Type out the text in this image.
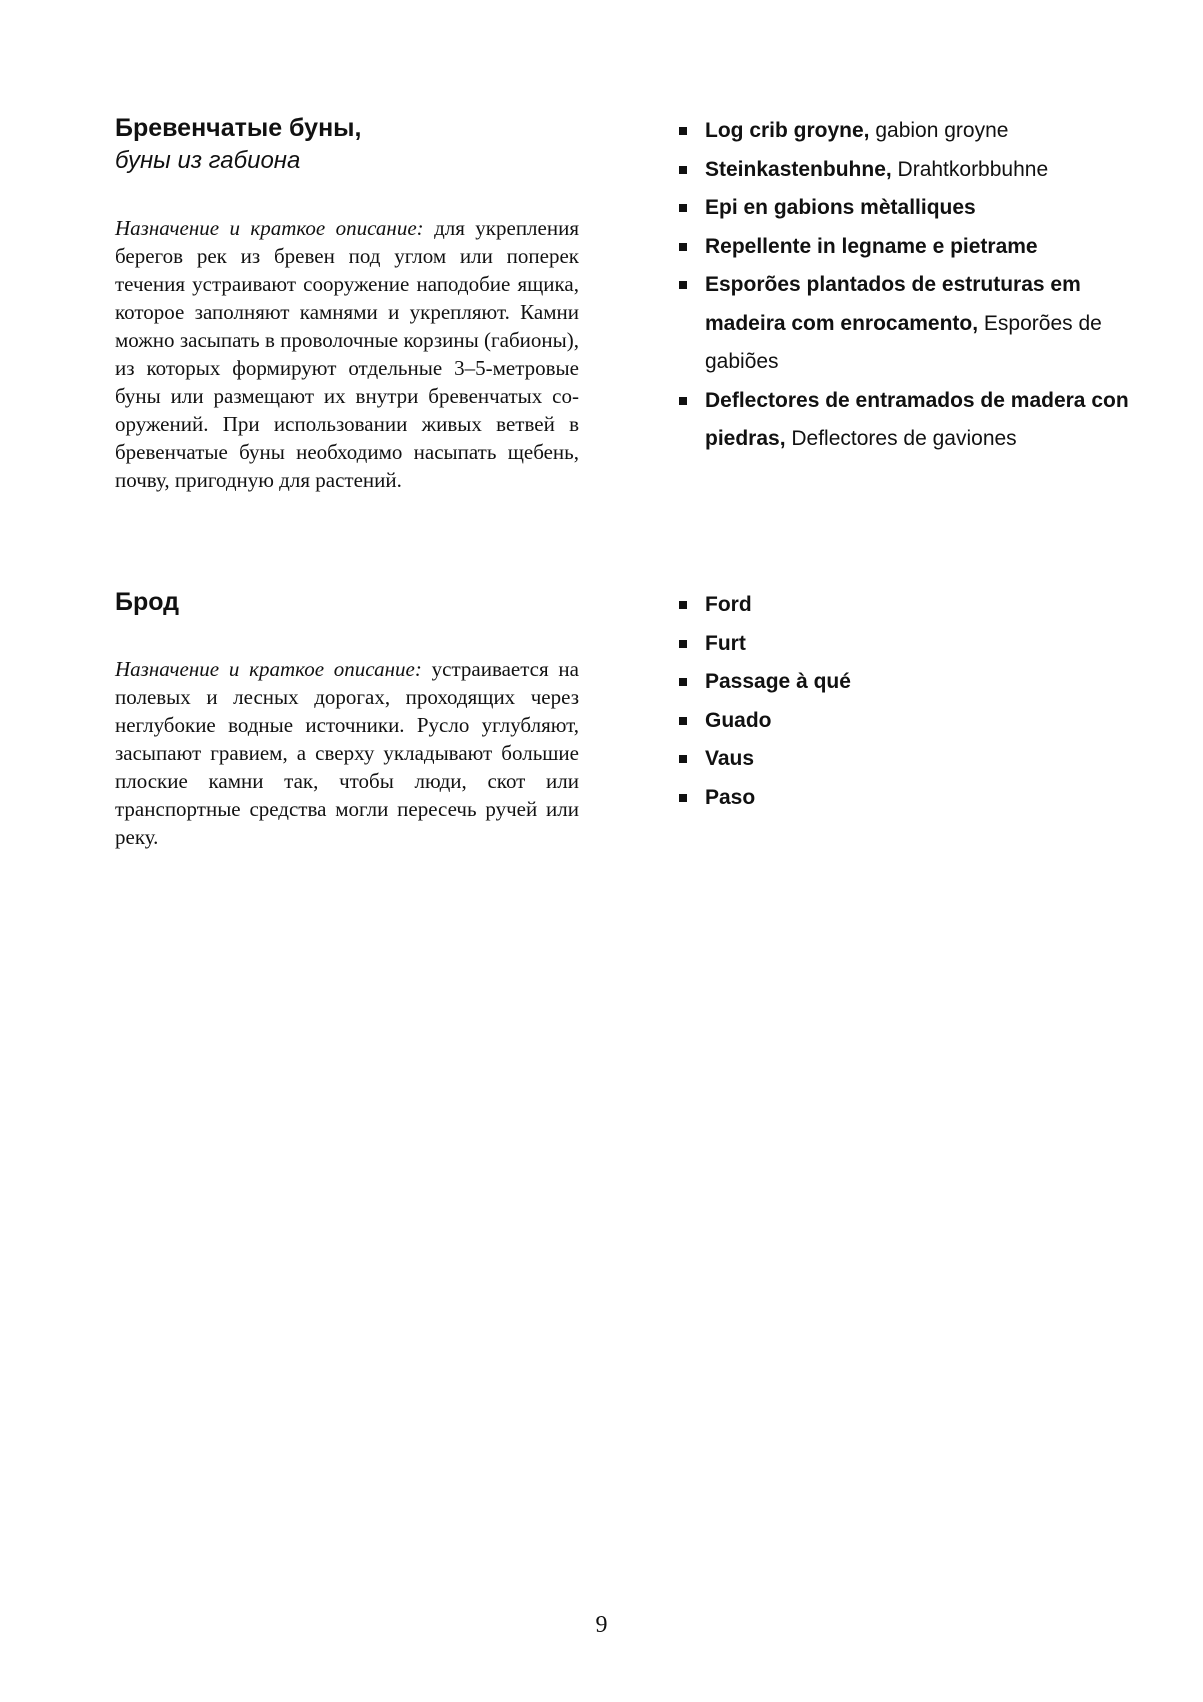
Бревенчатые буны,

буны из габиона

Назначение и краткое описание: для укрепления берегов рек из бревен под углом или поперек течения устраивают сооружение наподобие ящика, которое заполняют камнями и укрепляют. Камни можно засыпать в проволочные корзины (габионы), из которых формируют отдельные 3–5-метровые буны или размещают их внутри бревенчатых сооружений. При использовании живых ветвей в бревенчатые буны необходимо насыпать щебень, почву, пригодную для растений.

Log crib groyne, gabion groyne
Steinkastenbuhne, Drahtkorbbuhne
Epi en gabions mètalliques
Repellente in legname e pietrame
Esporões plantados de estruturas em madeira com enrocamento, Esporões de gabiões
Deflectores de entramados de madera con piedras, Deflectores de gaviones
Брод

Назначение и краткое описание: устраивается на полевых и лесных дорогах, проходящих через неглубокие водные источники. Русло углубляют, засыпают гравием, а сверху укладывают большие плоские камни так, чтобы люди, скот или транспортные средства могли пересечь ручей или реку.

Ford
Furt
Passage à qué
Guado
Vaus
Paso
9
